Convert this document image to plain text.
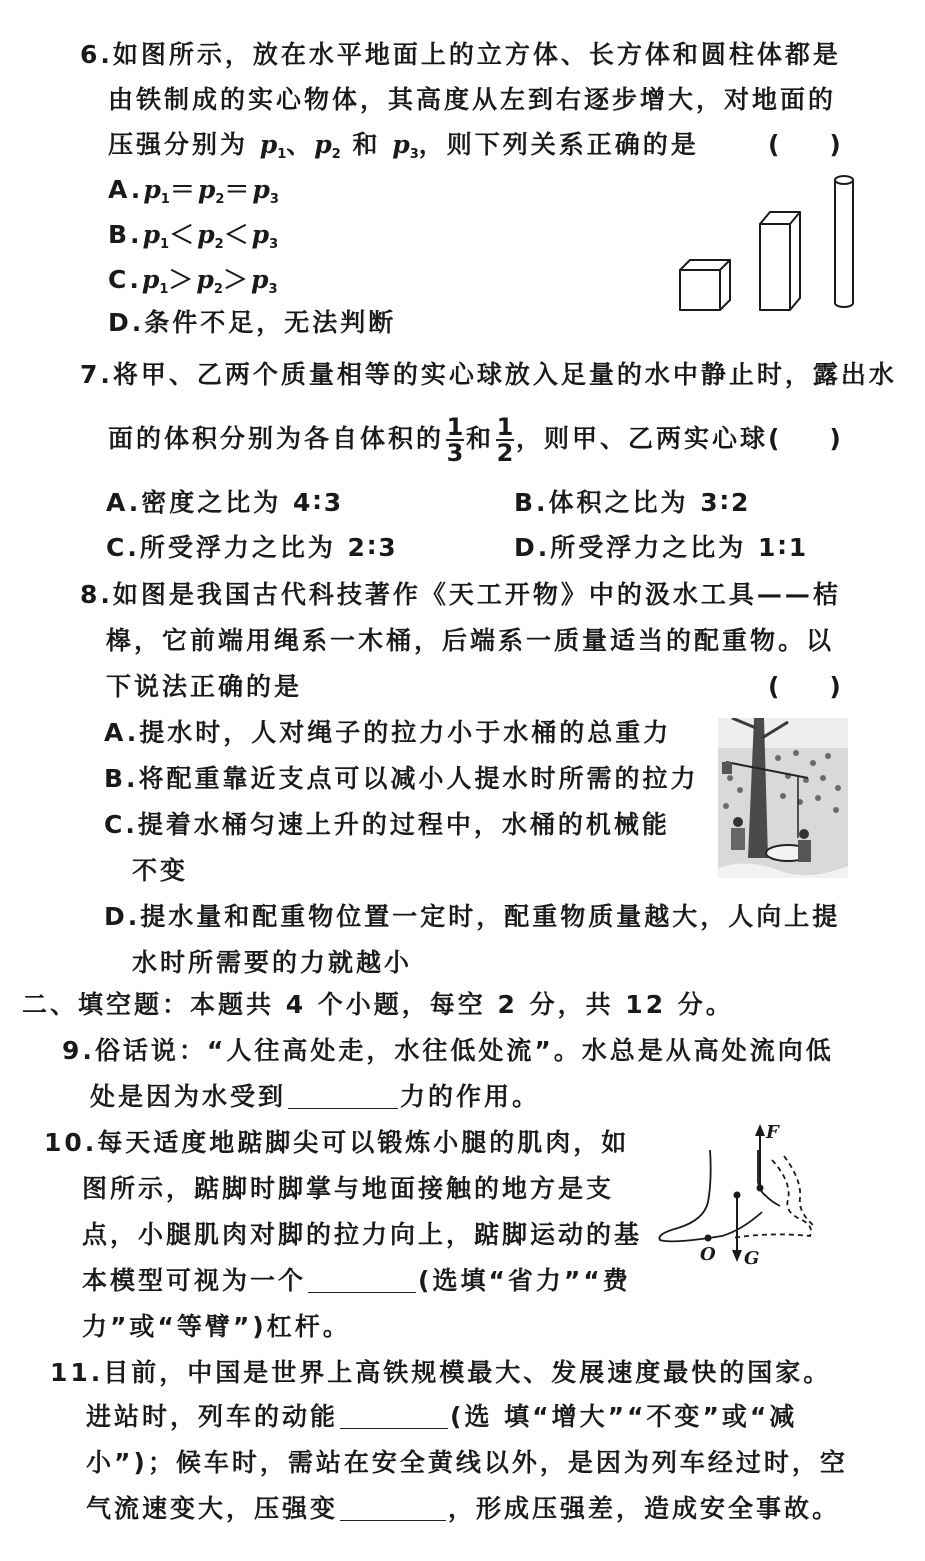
6.如图所示，放在水平地面上的立方体、长方体和圆柱体都是
由铁制成的实心物体，其高度从左到右逐步增大，对地面的
压强分别为 $p_1$、$p_2$ 和 $p_3$，则下列关系正确的是	(　　)
$A.p_1=p_2=p_3$
$B.p_1<p_2<p_3$
$C.p_1>p_2>p_3$
D.条件不足，无法判断
7.将甲、乙两个质量相等的实心球放入足量的水中静止时，露出水
面的体积分别为各自体积的 $\frac{1}{3}$ 和 $\frac{1}{2}$ ，则甲、乙两实心球 (　　)
A.密度之比为 4∶3	B.体积之比为 3∶2
C.所受浮力之比为 2∶3	D.所受浮力之比为 1∶1
8.如图是我国古代科技著作《天工开物》中的汲水工具——桔
槔，它前端用绳系一木桶，后端系一质量适当的配重物。以
下说法正确的是	(　　)
A.提水时，人对绳子的拉力小于水桶的总重力
B.将配重靠近支点可以减小人提水时所需的拉力
C.提着水桶匀速上升的过程中，水桶的机械能
不变
D.提水量和配重物位置一定时，配重物质量越大，人向上提
水时所需要的力就越小
二、填空题：本题共 4 个小题，每空 2 分，共 12 分。
9.俗话说：“人往高处走，水往低处流”。水总是从高处流向低
处是因为水受到	力的作用。
10.每天适度地踮脚尖可以锻炼小腿的肌肉，如
图所示，踮脚时脚掌与地面接触的地方是支
点，小腿肌肉对脚的拉力向上，踮脚运动的基
本模型可视为一个	(选填“省力”“费
力”或“等臂”)杠杆。
F
O G
11.目前，中国是世界上高铁规模最大、发展速度最快的国家。
进站时，列车的动能	(选 填“增大”“不变”或“减
小”)；候车时，需站在安全黄线以外，是因为列车经过时，空
气流速变大，压强变	，形成压强差，造成安全事故。
